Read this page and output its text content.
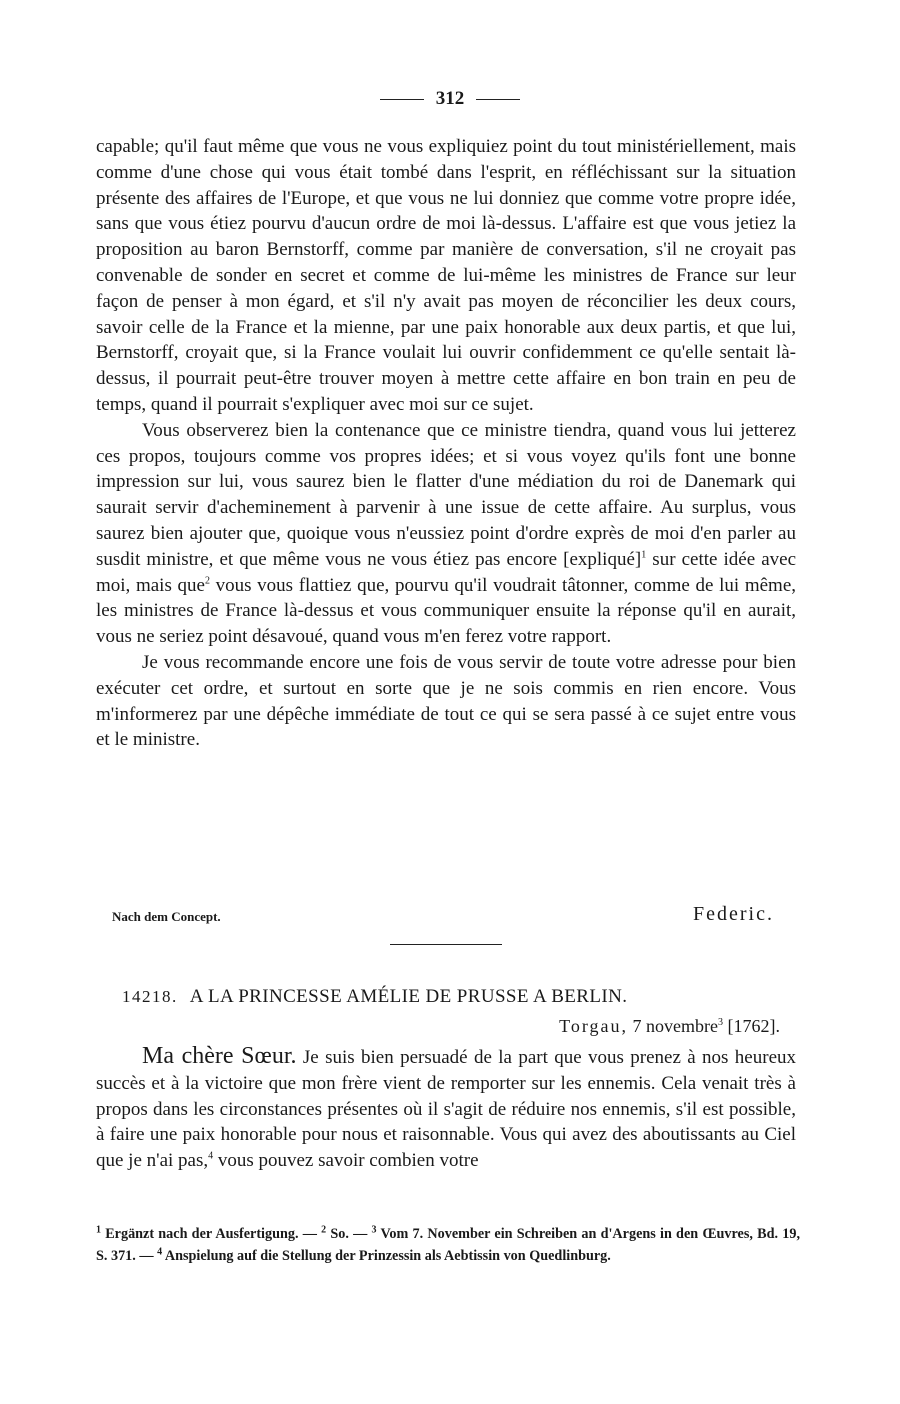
312

capable; qu'il faut même que vous ne vous expliquiez point du tout ministériellement, mais comme d'une chose qui vous était tombé dans l'esprit, en réfléchissant sur la situation présente des affaires de l'Europe, et que vous ne lui donniez que comme votre propre idée, sans que vous étiez pourvu d'aucun ordre de moi là-dessus. L'affaire est que vous jetiez la proposition au baron Bernstorff, comme par manière de conversation, s'il ne croyait pas convenable de sonder en secret et comme de lui-même les ministres de France sur leur façon de penser à mon égard, et s'il n'y avait pas moyen de réconcilier les deux cours, savoir celle de la France et la mienne, par une paix honorable aux deux partis, et que lui, Bernstorff, croyait que, si la France voulait lui ouvrir confidemment ce qu'elle sentait là-dessus, il pourrait peut-être trouver moyen à mettre cette affaire en bon train en peu de temps, quand il pourrait s'expliquer avec moi sur ce sujet.

Vous observerez bien la contenance que ce ministre tiendra, quand vous lui jetterez ces propos, toujours comme vos propres idées; et si vous voyez qu'ils font une bonne impression sur lui, vous saurez bien le flatter d'une médiation du roi de Danemark qui saurait servir d'acheminement à parvenir à une issue de cette affaire. Au surplus, vous saurez bien ajouter que, quoique vous n'eussiez point d'ordre exprès de moi d'en parler au susdit ministre, et que même vous ne vous étiez pas encore [expliqué]$^1$ sur cette idée avec moi, mais que$^2$ vous vous flattiez que, pourvu qu'il voudrait tâtonner, comme de lui même, les ministres de France là-dessus et vous communiquer ensuite la réponse qu'il en aurait, vous ne seriez point désavoué, quand vous m'en ferez votre rapport.

Je vous recommande encore une fois de vous servir de toute votre adresse pour bien exécuter cet ordre, et surtout en sorte que je ne sois commis en rien encore. Vous m'informerez par une dépêche immédiate de tout ce qui se sera passé à ce sujet entre vous et le ministre.

Nach dem Concept.	Federic.
14218. A LA PRINCESSE AMÉLIE DE PRUSSE A BERLIN.
Torgau, 7 novembre$^3$ [1762].

Ma chère Sœur. Je suis bien persuadé de la part que vous prenez à nos heureux succès et à la victoire que mon frère vient de remporter sur les ennemis. Cela venait très à propos dans les circonstances présentes où il s'agit de réduire nos ennemis, s'il est possible, à faire une paix honorable pour nous et raisonnable. Vous qui avez des aboutissants au Ciel que je n'ai pas,$^4$ vous pouvez savoir combien votre

$^1$ Ergänzt nach der Ausfertigung. — $^2$ So. — $^3$ Vom 7. November ein Schreiben an d'Argens in den Œuvres, Bd. 19, S. 371. — $^4$ Anspielung auf die Stellung der Prinzessin als Aebtissin von Quedlinburg.
